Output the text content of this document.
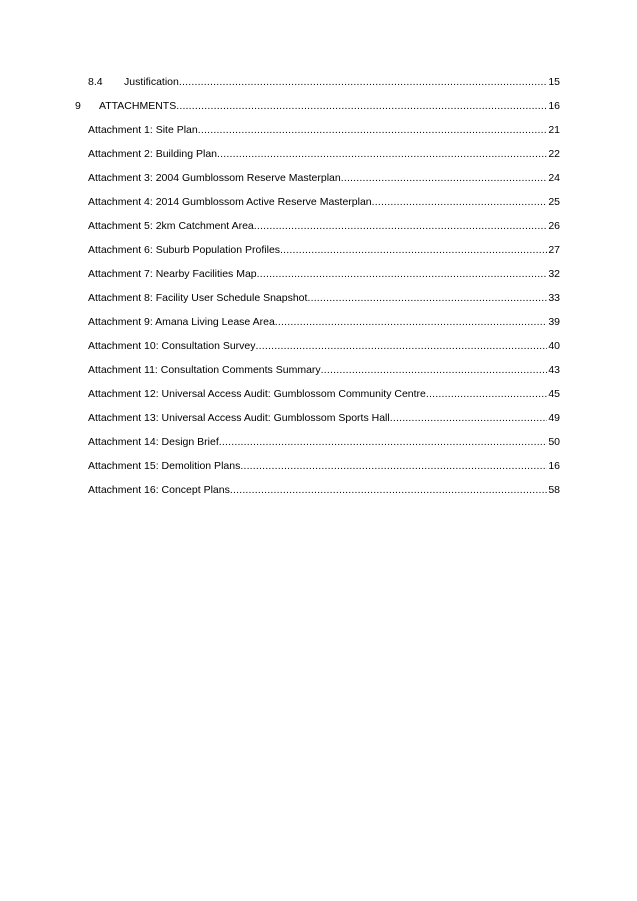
8.4	Justification .....	15
9	ATTACHMENTS .....	16
Attachment 1: Site Plan .....	21
Attachment 2: Building Plan .....	22
Attachment 3: 2004 Gumblossom Reserve Masterplan .....	24
Attachment 4: 2014 Gumblossom Active Reserve Masterplan .....	25
Attachment 5: 2km Catchment Area .....	26
Attachment 6: Suburb Population Profiles .....	27
Attachment 7: Nearby Facilities Map .....	32
Attachment 8: Facility User Schedule Snapshot .....	33
Attachment 9: Amana Living Lease Area .....	39
Attachment 10: Consultation Survey .....	40
Attachment 11: Consultation Comments Summary .....	43
Attachment 12: Universal Access Audit: Gumblossom Community Centre .....	45
Attachment 13: Universal Access Audit: Gumblossom Sports Hall .....	49
Attachment 14: Design Brief .....	50
Attachment 15: Demolition Plans .....	16
Attachment 16: Concept Plans .....	58
